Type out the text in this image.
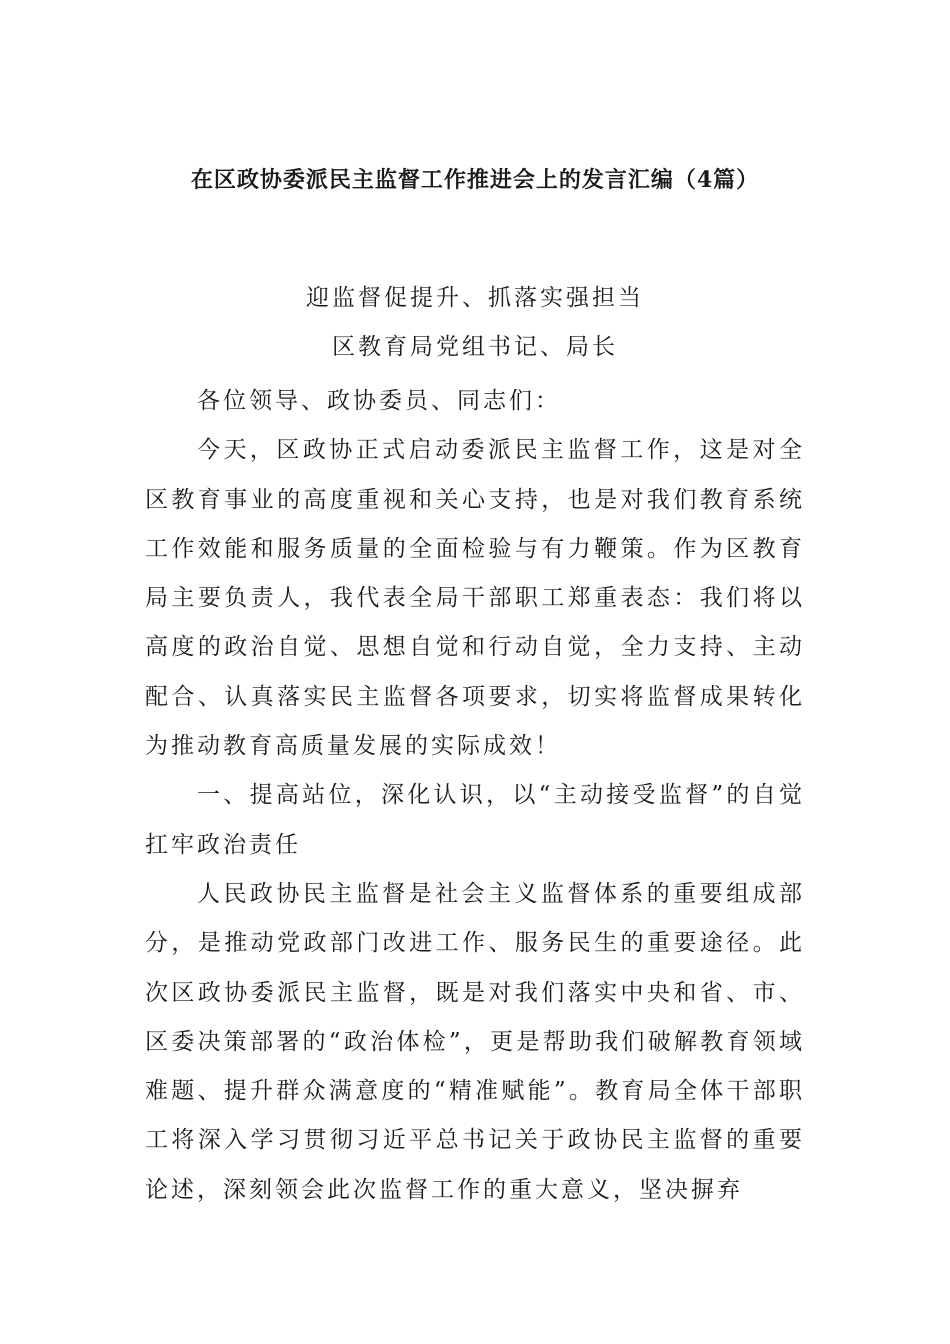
在区政协委派民主监督工作推进会上的发言汇编（4篇）
迎监督促提升、抓落实强担当
区教育局党组书记、局长

各位领导、政协委员、同志们：

今天，区政协正式启动委派民主监督工作，这是对全区教育事业的高度重视和关心支持，也是对我们教育系统工作效能和服务质量的全面检验与有力鞭策。作为区教育局主要负责人，我代表全局干部职工郑重表态：我们将以高度的政治自觉、思想自觉和行动自觉，全力支持、主动配合、认真落实民主监督各项要求，切实将监督成果转化为推动教育高质量发展的实际成效！

一、提高站位，深化认识，以“主动接受监督”的自觉扛牢政治责任

人民政协民主监督是社会主义监督体系的重要组成部分，是推动党政部门改进工作、服务民生的重要途径。此次区政协委派民主监督，既是对我们落实中央和省、市、区委决策部署的“政治体检”，更是帮助我们破解教育领域难题、提升群众满意度的“精准赋能”。教育局全体干部职工将深入学习贯彻习近平总书记关于政协民主监督的重要论述，深刻领会此次监督工作的重大意义，坚决摒弃
